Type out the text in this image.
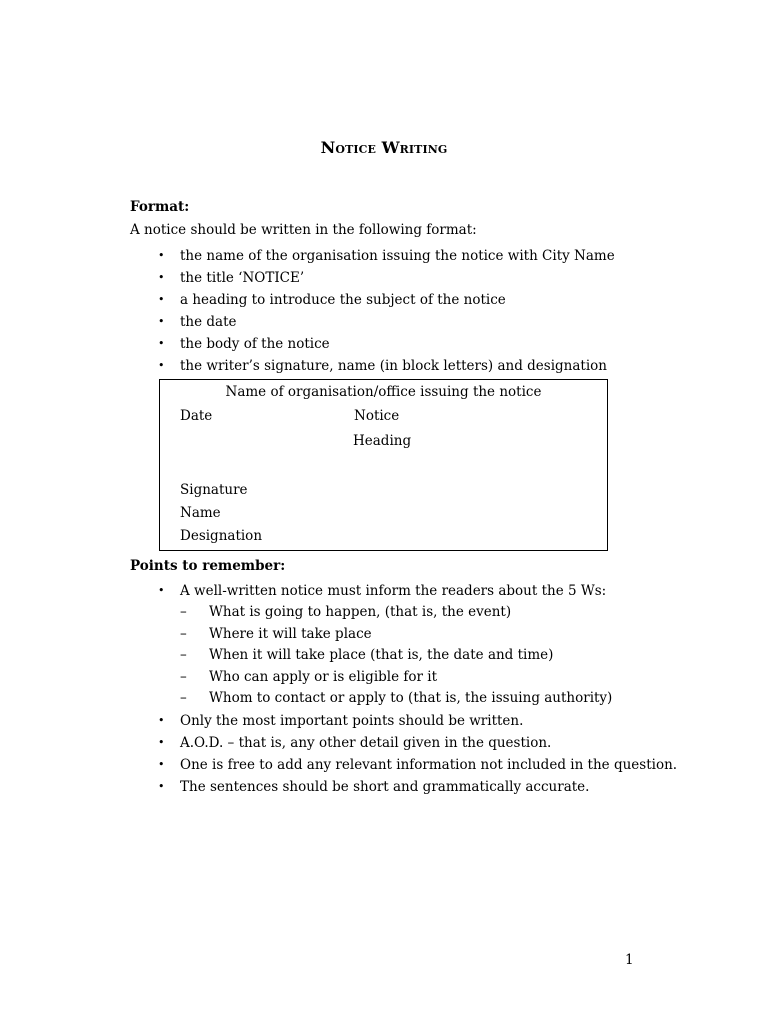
Notice Writing
Format:
A notice should be written in the following format:
• the name of the organisation issuing the notice with City Name
• the title ‘NOTICE’
• a heading to introduce the subject of the notice
• the date
• the body of the notice
• the writer’s signature, name (in block letters) and designation
Name of organisation/office issuing the notice
Date	Notice
Heading
Signature
Name
Designation
Points to remember:
• A well-written notice must inform the readers about the 5 Ws:
– What is going to happen, (that is, the event)
– Where it will take place
– When it will take place (that is, the date and time)
– Who can apply or is eligible for it
– Whom to contact or apply to (that is, the issuing authority)
• Only the most important points should be written.
• A.O.D. – that is, any other detail given in the question.
• One is free to add any relevant information not included in the question.
• The sentences should be short and grammatically accurate.
1
